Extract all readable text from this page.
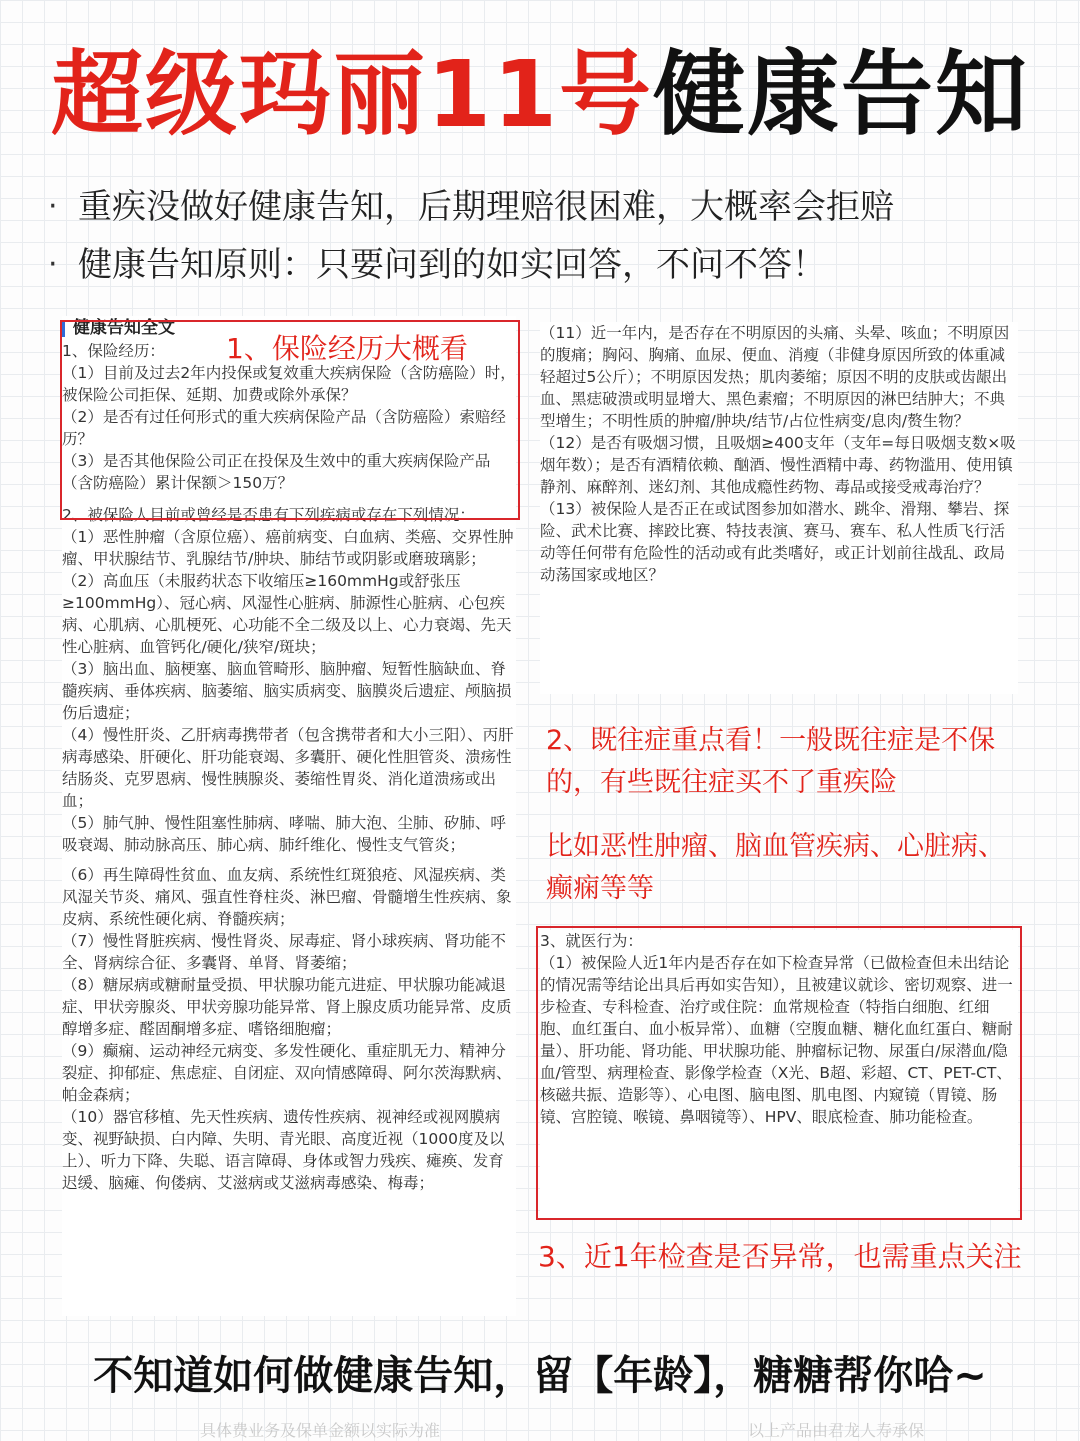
超级玛丽11号健康告知
· 重疾没做好健康告知，后期理赔很困难，大概率会拒赔
· 健康告知原则：只要问到的如实回答，不问不答！
健康告知全文

1、保险经历：

（1）目前及过去2年内投保或复效重大疾病保险（含防癌险）时，被保险公司拒保、延期、加费或除外承保？

（2）是否有过任何形式的重大疾病保险产品（含防癌险）索赔经历？

（3）是否其他保险公司正在投保及生效中的重大疾病保险产品（含防癌险）累计保额＞150万？

2、被保险人目前或曾经是否患有下列疾病或存在下列情况：

（1）恶性肿瘤（含原位癌）、癌前病变、白血病、类癌、交界性肿瘤、甲状腺结节、乳腺结节/肿块、肺结节或阴影或磨玻璃影；

（2）高血压（未服药状态下收缩压≥160mmHg或舒张压≥100mmHg）、冠心病、风湿性心脏病、肺源性心脏病、心包疾病、心肌病、心肌梗死、心功能不全二级及以上、心力衰竭、先天性心脏病、血管钙化/硬化/狭窄/斑块；

（3）脑出血、脑梗塞、脑血管畸形、脑肿瘤、短暂性脑缺血、脊髓疾病、垂体疾病、脑萎缩、脑实质病变、脑膜炎后遗症、颅脑损伤后遗症；

（4）慢性肝炎、乙肝病毒携带者（包含携带者和大小三阳）、丙肝病毒感染、肝硬化、肝功能衰竭、多囊肝、硬化性胆管炎、溃疡性结肠炎、克罗恩病、慢性胰腺炎、萎缩性胃炎、消化道溃疡或出血；

（5）肺气肿、慢性阻塞性肺病、哮喘、肺大泡、尘肺、矽肺、呼吸衰竭、肺动脉高压、肺心病、肺纤维化、慢性支气管炎；

（6）再生障碍性贫血、血友病、系统性红斑狼疮、风湿疾病、类风湿关节炎、痛风、强直性脊柱炎、淋巴瘤、骨髓增生性疾病、象皮病、系统性硬化病、脊髓疾病；

（7）慢性肾脏疾病、慢性肾炎、尿毒症、肾小球疾病、肾功能不全、肾病综合征、多囊肾、单肾、肾萎缩；

（8）糖尿病或糖耐量受损、甲状腺功能亢进症、甲状腺功能减退症、甲状旁腺炎、甲状旁腺功能异常、肾上腺皮质功能异常、皮质醇增多症、醛固酮增多症、嗜铬细胞瘤；

（9）癫痫、运动神经元病变、多发性硬化、重症肌无力、精神分裂症、抑郁症、焦虑症、自闭症、双向情感障碍、阿尔茨海默病、帕金森病；

（10）器官移植、先天性疾病、遗传性疾病、视神经或视网膜病变、视野缺损、白内障、失明、青光眼、高度近视（1000度及以上）、听力下降、失聪、语言障碍、身体或智力残疾、瘫痪、发育迟缓、脑瘫、佝偻病、艾滋病或艾滋病毒感染、梅毒；

（11）近一年内，是否存在不明原因的头痛、头晕、咳血；不明原因的腹痛；胸闷、胸痛、血尿、便血、消瘦（非健身原因所致的体重减轻超过5公斤）；不明原因发热；肌肉萎缩；原因不明的皮肤或齿龈出血、黑痣破溃或明显增大、黑色素瘤；不明原因的淋巴结肿大；不典型增生；不明性质的肿瘤/肿块/结节/占位性病变/息肉/赘生物？

（12）是否有吸烟习惯，且吸烟≥400支年（支年=每日吸烟支数×吸烟年数）；是否有酒精依赖、酗酒、慢性酒精中毒、药物滥用、使用镇静剂、麻醉剂、迷幻剂、其他成瘾性药物、毒品或接受戒毒治疗？

（13）被保险人是否正在或试图参加如潜水、跳伞、滑翔、攀岩、探险、武术比赛、摔跤比赛、特技表演、赛马、赛车、私人性质飞行活动等任何带有危险性的活动或有此类嗜好，或正计划前往战乱、政局动荡国家或地区？

3、就医行为：

（1）被保险人近1年内是否存在如下检查异常（已做检查但未出结论的情况需等结论出具后再如实告知），且被建议就诊、密切观察、进一步检查、专科检查、治疗或住院：血常规检查（特指白细胞、红细胞、血红蛋白、血小板异常）、血糖（空腹血糖、糖化血红蛋白、糖耐量）、肝功能、肾功能、甲状腺功能、肿瘤标记物、尿蛋白/尿潜血/隐血/管型、病理检查、影像学检查（X光、B超、彩超、CT、PET-CT、核磁共振、造影等）、心电图、脑电图、肌电图、内窥镜（胃镜、肠镜、宫腔镜、喉镜、鼻咽镜等）、HPV、眼底检查、肺功能检查。

1、保险经历大概看
2、既往症重点看！一般既往症是不保的，有些既往症买不了重疾险
比如恶性肿瘤、脑血管疾病、心脏病、癫痫等等
3、近1年检查是否异常，也需重点关注
不知道如何做健康告知，留【年龄】，糖糖帮你哈~
具体费业务及保单金额以实际为准	以上产品由君龙人寿承保
